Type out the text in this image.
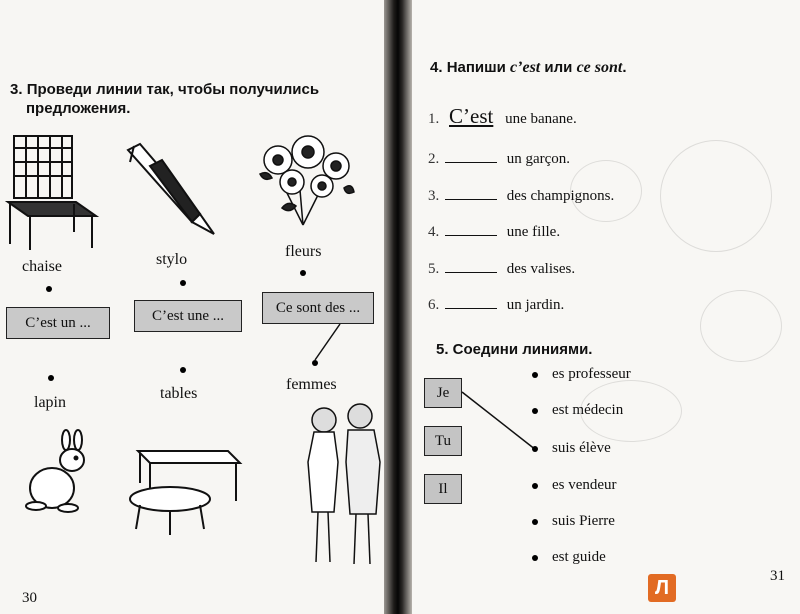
3. Проведи линии так, чтобы получились
предложения.
chaise	stylo	fleurs
C’est un ...	C’est une ...	Ce sont des ...
lapin
tables
femmes
30
4. Напиши c’est или ce sont.
1. C’est une banane.
2.	un garçon.
3.	des champignons.
4.	une fille.
5.	des valises.
6.	un jardin.
5. Соедини линиями.
Je
Tu
Il
es professeur
est médecin
suis élève
es vendeur
suis Pierre
est guide
Л
31
